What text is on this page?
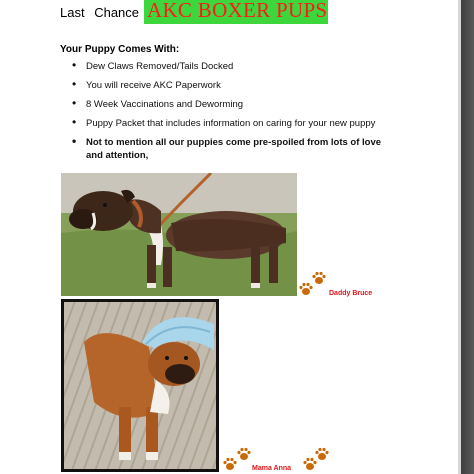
Last Chance AKC BOXER PUPS
Your Puppy Comes With:
• Dew Claws Removed/Tails Docked
• You will receive AKC Paperwork
• 8 Week Vaccinations and Deworming
• Puppy Packet that includes information on caring for your new puppy
• Not to mention all our puppies come pre-spoiled from lots of love and attention,
Daddy Bruce
Mama Anna
